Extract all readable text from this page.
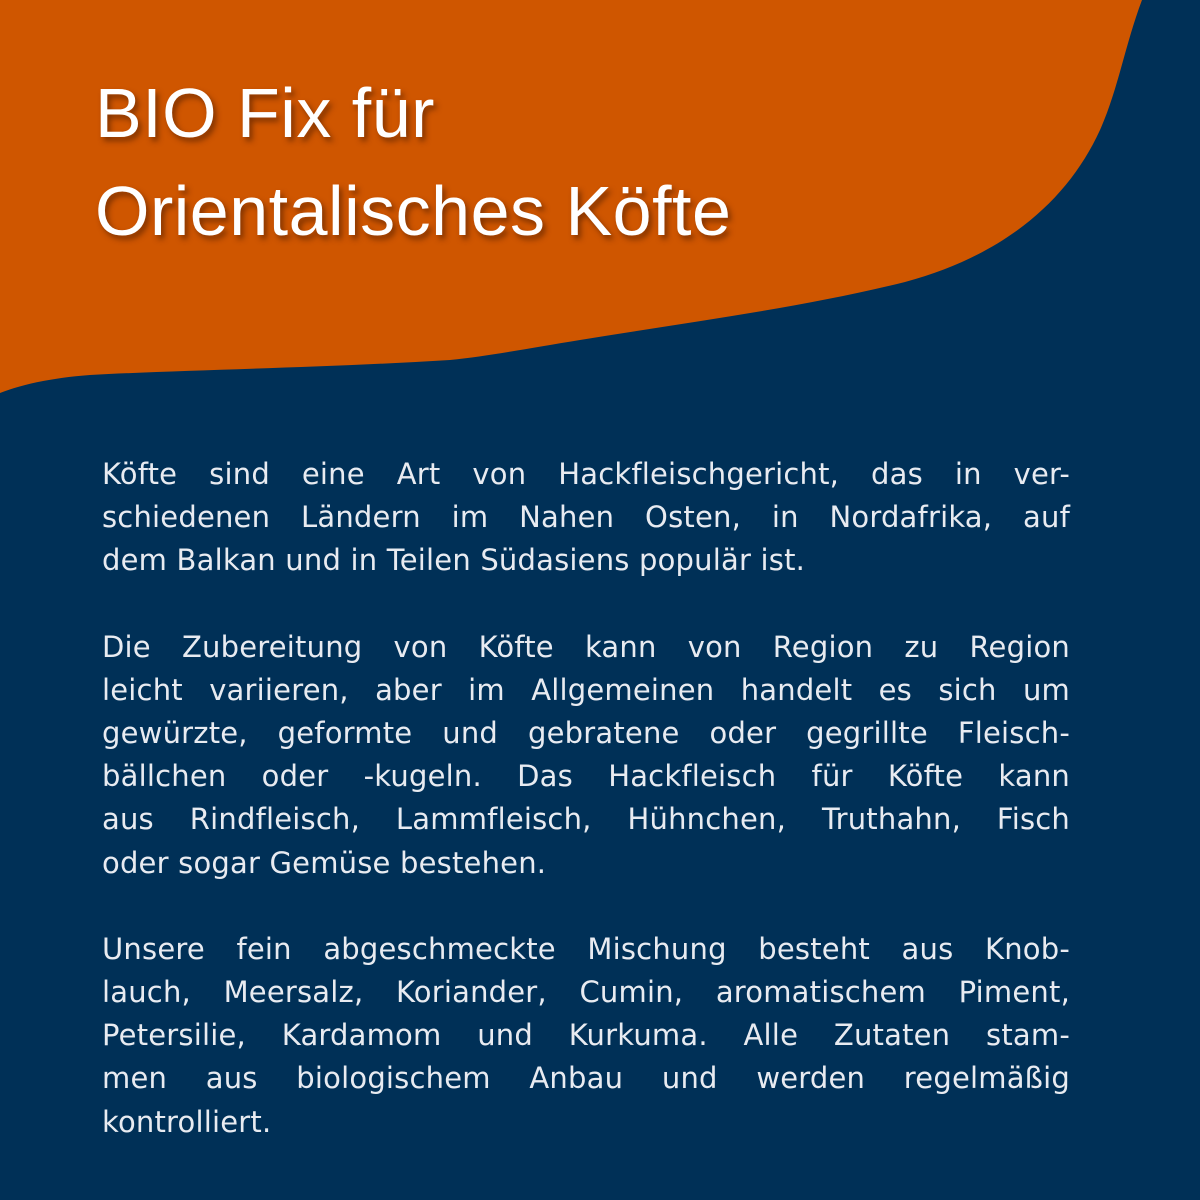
BIO Fix für
Orientalisches Köfte

Köfte sind eine Art von Hackfleischgericht, das in ver-
schiedenen Ländern im Nahen Osten, in Nordafrika, auf
dem Balkan und in Teilen Südasiens populär ist.

Die Zubereitung von Köfte kann von Region zu Region
leicht variieren, aber im Allgemeinen handelt es sich um
gewürzte, geformte und gebratene oder gegrillte Fleisch-
bällchen oder -kugeln. Das Hackfleisch für Köfte kann
aus Rindfleisch, Lammfleisch, Hühnchen, Truthahn, Fisch
oder sogar Gemüse bestehen.

Unsere fein abgeschmeckte Mischung besteht aus Knob-
lauch, Meersalz, Koriander, Cumin, aromatischem Piment,
Petersilie, Kardamom und Kurkuma. Alle Zutaten stam-
men aus biologischem Anbau und werden regelmäßig
kontrolliert.
